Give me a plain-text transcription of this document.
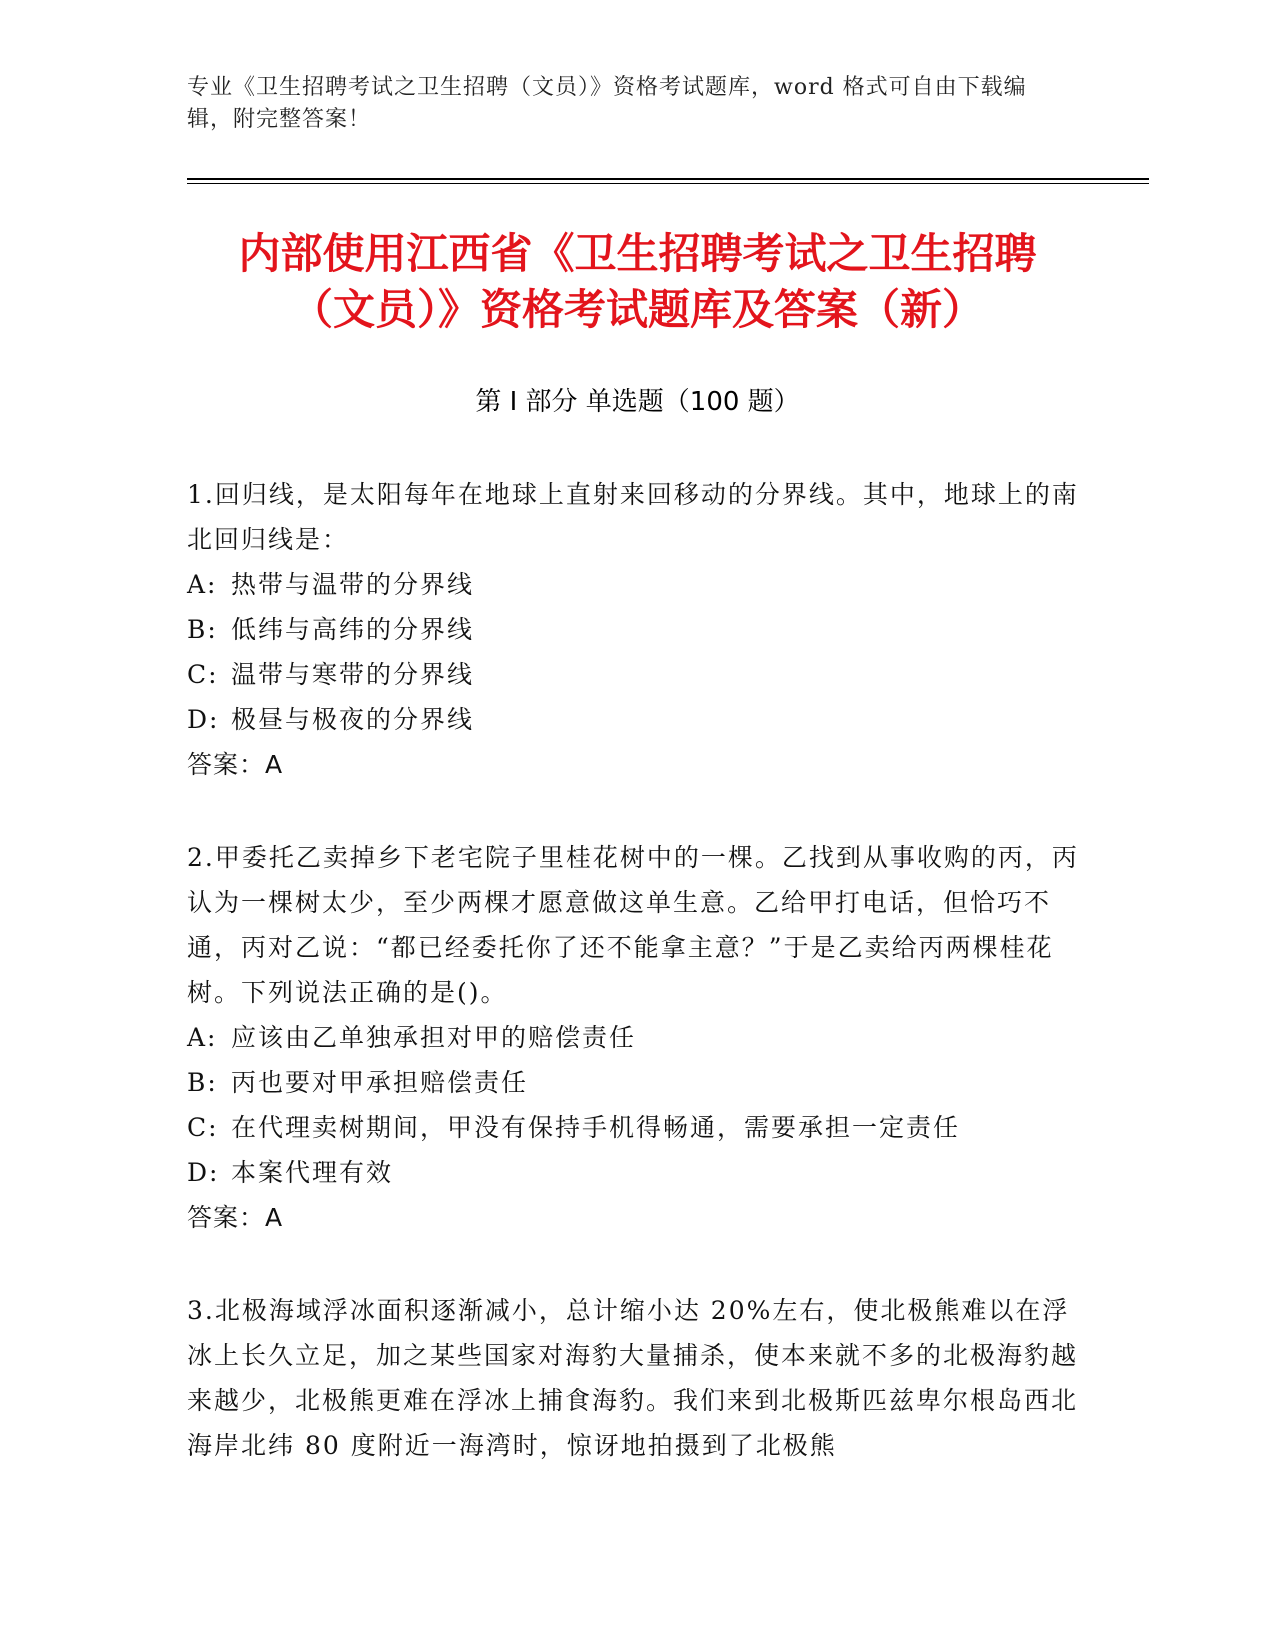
专业《卫生招聘考试之卫生招聘（文员）》资格考试题库，word 格式可自由下载编辑，附完整答案！
内部使用江西省《卫生招聘考试之卫生招聘
（文员）》资格考试题库及答案（新）
第 I 部分 单选题（100 题）
1.回归线，是太阳每年在地球上直射来回移动的分界线。其中，地球上的南北回归线是：
A: 热带与温带的分界线
B: 低纬与高纬的分界线
C: 温带与寒带的分界线
D: 极昼与极夜的分界线
答案：A
2.甲委托乙卖掉乡下老宅院子里桂花树中的一棵。乙找到从事收购的丙，丙认为一棵树太少，至少两棵才愿意做这单生意。乙给甲打电话，但恰巧不通，丙对乙说：“都已经委托你了还不能拿主意？”于是乙卖给丙两棵桂花树。下列说法正确的是()。
A: 应该由乙单独承担对甲的赔偿责任
B: 丙也要对甲承担赔偿责任
C: 在代理卖树期间，甲没有保持手机得畅通，需要承担一定责任
D: 本案代理有效
答案：A
3.北极海域浮冰面积逐渐减小，总计缩小达 20%左右，使北极熊难以在浮冰上长久立足，加之某些国家对海豹大量捕杀，使本来就不多的北极海豹越来越少，北极熊更难在浮冰上捕食海豹。我们来到北极斯匹兹卑尔根岛西北海岸北纬 80 度附近一海湾时，惊讶地拍摄到了北极熊
